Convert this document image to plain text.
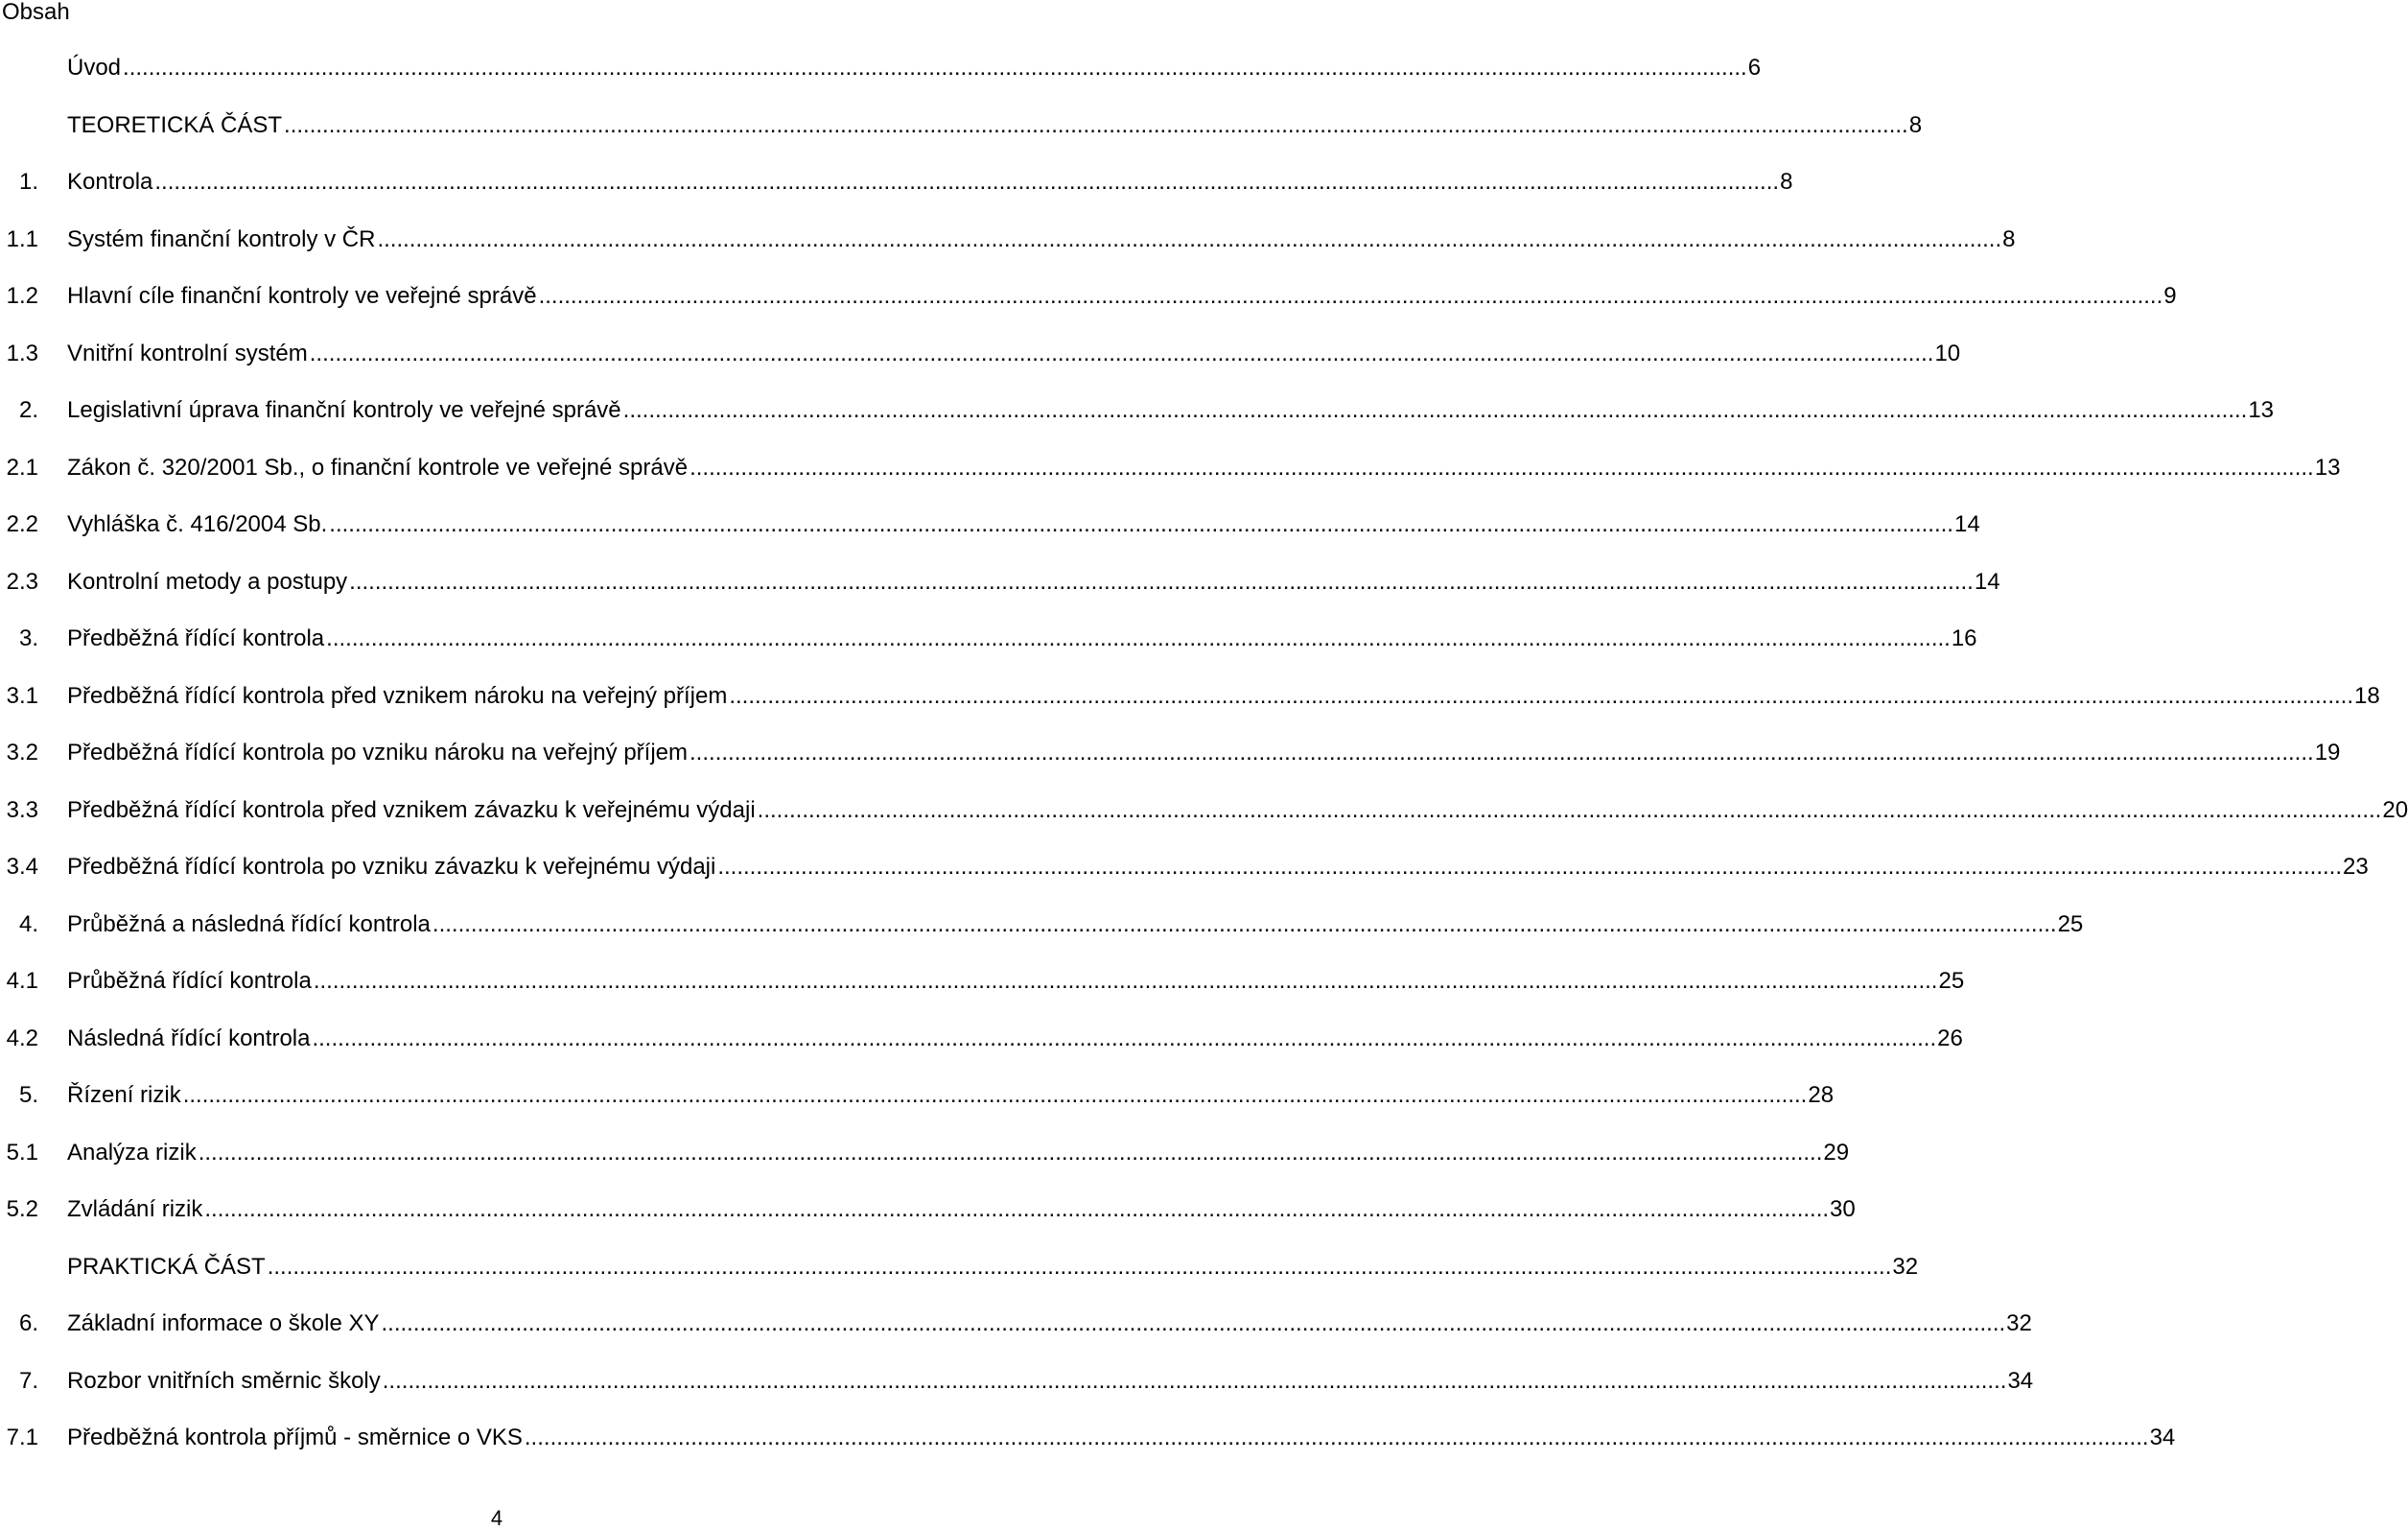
Obsah
Úvod .............................................................................................................................................................................................................................................................. 6
TEORETICKÁ ČÁST .............................................................................................................................................................................................................................................................. 8
1. Kontrola .............................................................................................................................................................................................................................................................. 8
1.1 Systém finanční kontroly v ČR .............................................................................................................................................................................................................................................................. 8
1.2 Hlavní cíle finanční kontroly ve veřejné správě .............................................................................................................................................................................................................................................................. 9
1.3 Vnitřní kontrolní systém .............................................................................................................................................................................................................................................................. 10
2. Legislativní úprava finanční kontroly ve veřejné správě .............................................................................................................................................................................................................................................................. 13
2.1 Zákon č. 320/2001 Sb., o finanční kontrole ve veřejné správě .............................................................................................................................................................................................................................................................. 13
2.2 Vyhláška č. 416/2004 Sb. .............................................................................................................................................................................................................................................................. 14
2.3 Kontrolní metody a postupy .............................................................................................................................................................................................................................................................. 14
3. Předběžná řídící kontrola .............................................................................................................................................................................................................................................................. 16
3.1 Předběžná řídící kontrola před vznikem nároku na veřejný příjem .............................................................................................................................................................................................................................................................. 18
3.2 Předběžná řídící kontrola po vzniku nároku na veřejný příjem .............................................................................................................................................................................................................................................................. 19
3.3 Předběžná řídící kontrola před vznikem závazku k veřejnému výdaji .............................................................................................................................................................................................................................................................. 20
3.4 Předběžná řídící kontrola po vzniku závazku k veřejnému výdaji .............................................................................................................................................................................................................................................................. 23
4. Průběžná a následná řídící kontrola .............................................................................................................................................................................................................................................................. 25
4.1 Průběžná řídící kontrola .............................................................................................................................................................................................................................................................. 25
4.2 Následná řídící kontrola .............................................................................................................................................................................................................................................................. 26
5. Řízení rizik .............................................................................................................................................................................................................................................................. 28
5.1 Analýza rizik .............................................................................................................................................................................................................................................................. 29
5.2 Zvládání rizik .............................................................................................................................................................................................................................................................. 30
PRAKTICKÁ ČÁST .............................................................................................................................................................................................................................................................. 32
6. Základní informace o škole XY .............................................................................................................................................................................................................................................................. 32
7. Rozbor vnitřních směrnic školy .............................................................................................................................................................................................................................................................. 34
7.1 Předběžná kontrola příjmů - směrnice o VKS .............................................................................................................................................................................................................................................................. 34
4
